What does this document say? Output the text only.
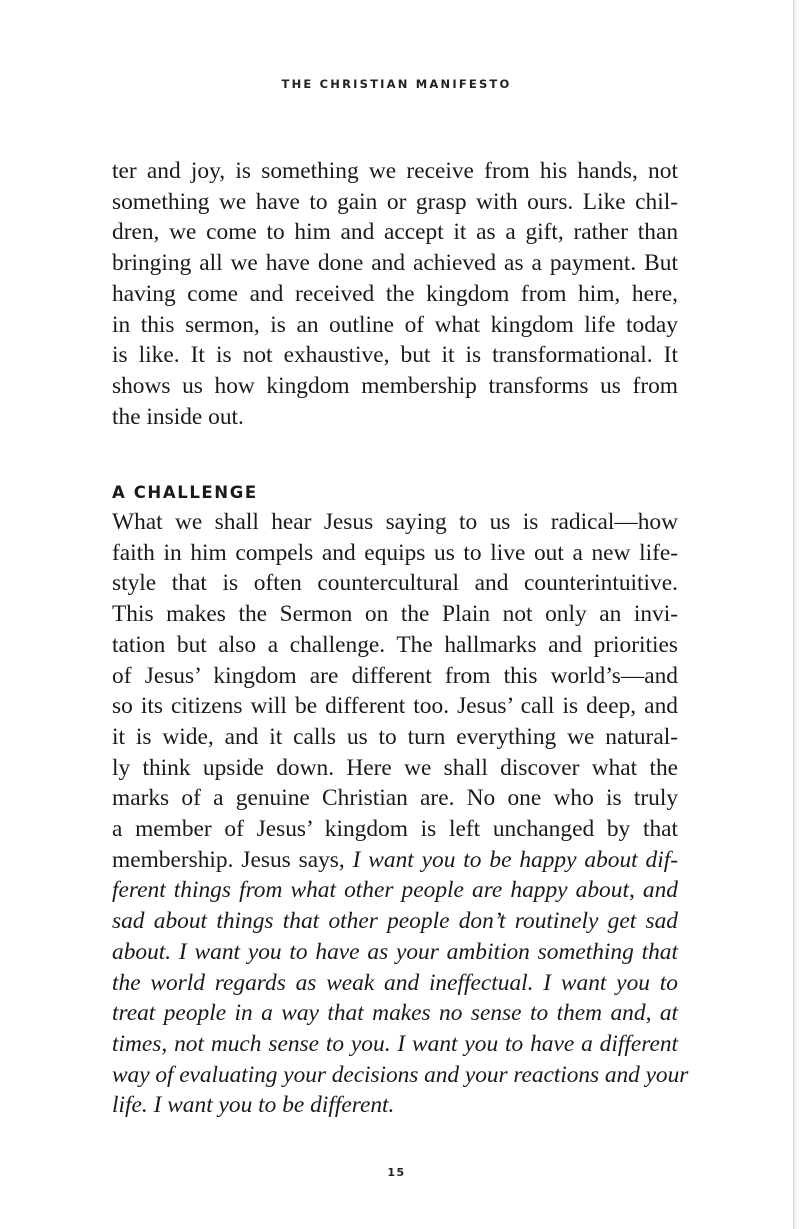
THE CHRISTIAN MANIFESTO
ter and joy, is something we receive from his hands, not
something we have to gain or grasp with ours. Like chil-
dren, we come to him and accept it as a gift, rather than
bringing all we have done and achieved as a payment. But
having come and received the kingdom from him, here,
in this sermon, is an outline of what kingdom life today
is like. It is not exhaustive, but it is transformational. It
shows us how kingdom membership transforms us from
the inside out.
A CHALLENGE
What we shall hear Jesus saying to us is radical—how
faith in him compels and equips us to live out a new life-
style that is often countercultural and counterintuitive.
This makes the Sermon on the Plain not only an invi-
tation but also a challenge. The hallmarks and priorities
of Jesus’ kingdom are different from this world’s—and
so its citizens will be different too. Jesus’ call is deep, and
it is wide, and it calls us to turn everything we natural-
ly think upside down. Here we shall discover what the
marks of a genuine Christian are. No one who is truly
a member of Jesus’ kingdom is left unchanged by that
membership. Jesus says, I want you to be happy about dif-
ferent things from what other people are happy about, and
sad about things that other people don’t routinely get sad
about. I want you to have as your ambition something that
the world regards as weak and ineffectual. I want you to
treat people in a way that makes no sense to them and, at
times, not much sense to you. I want you to have a different
way of evaluating your decisions and your reactions and your
life. I want you to be different.
15
